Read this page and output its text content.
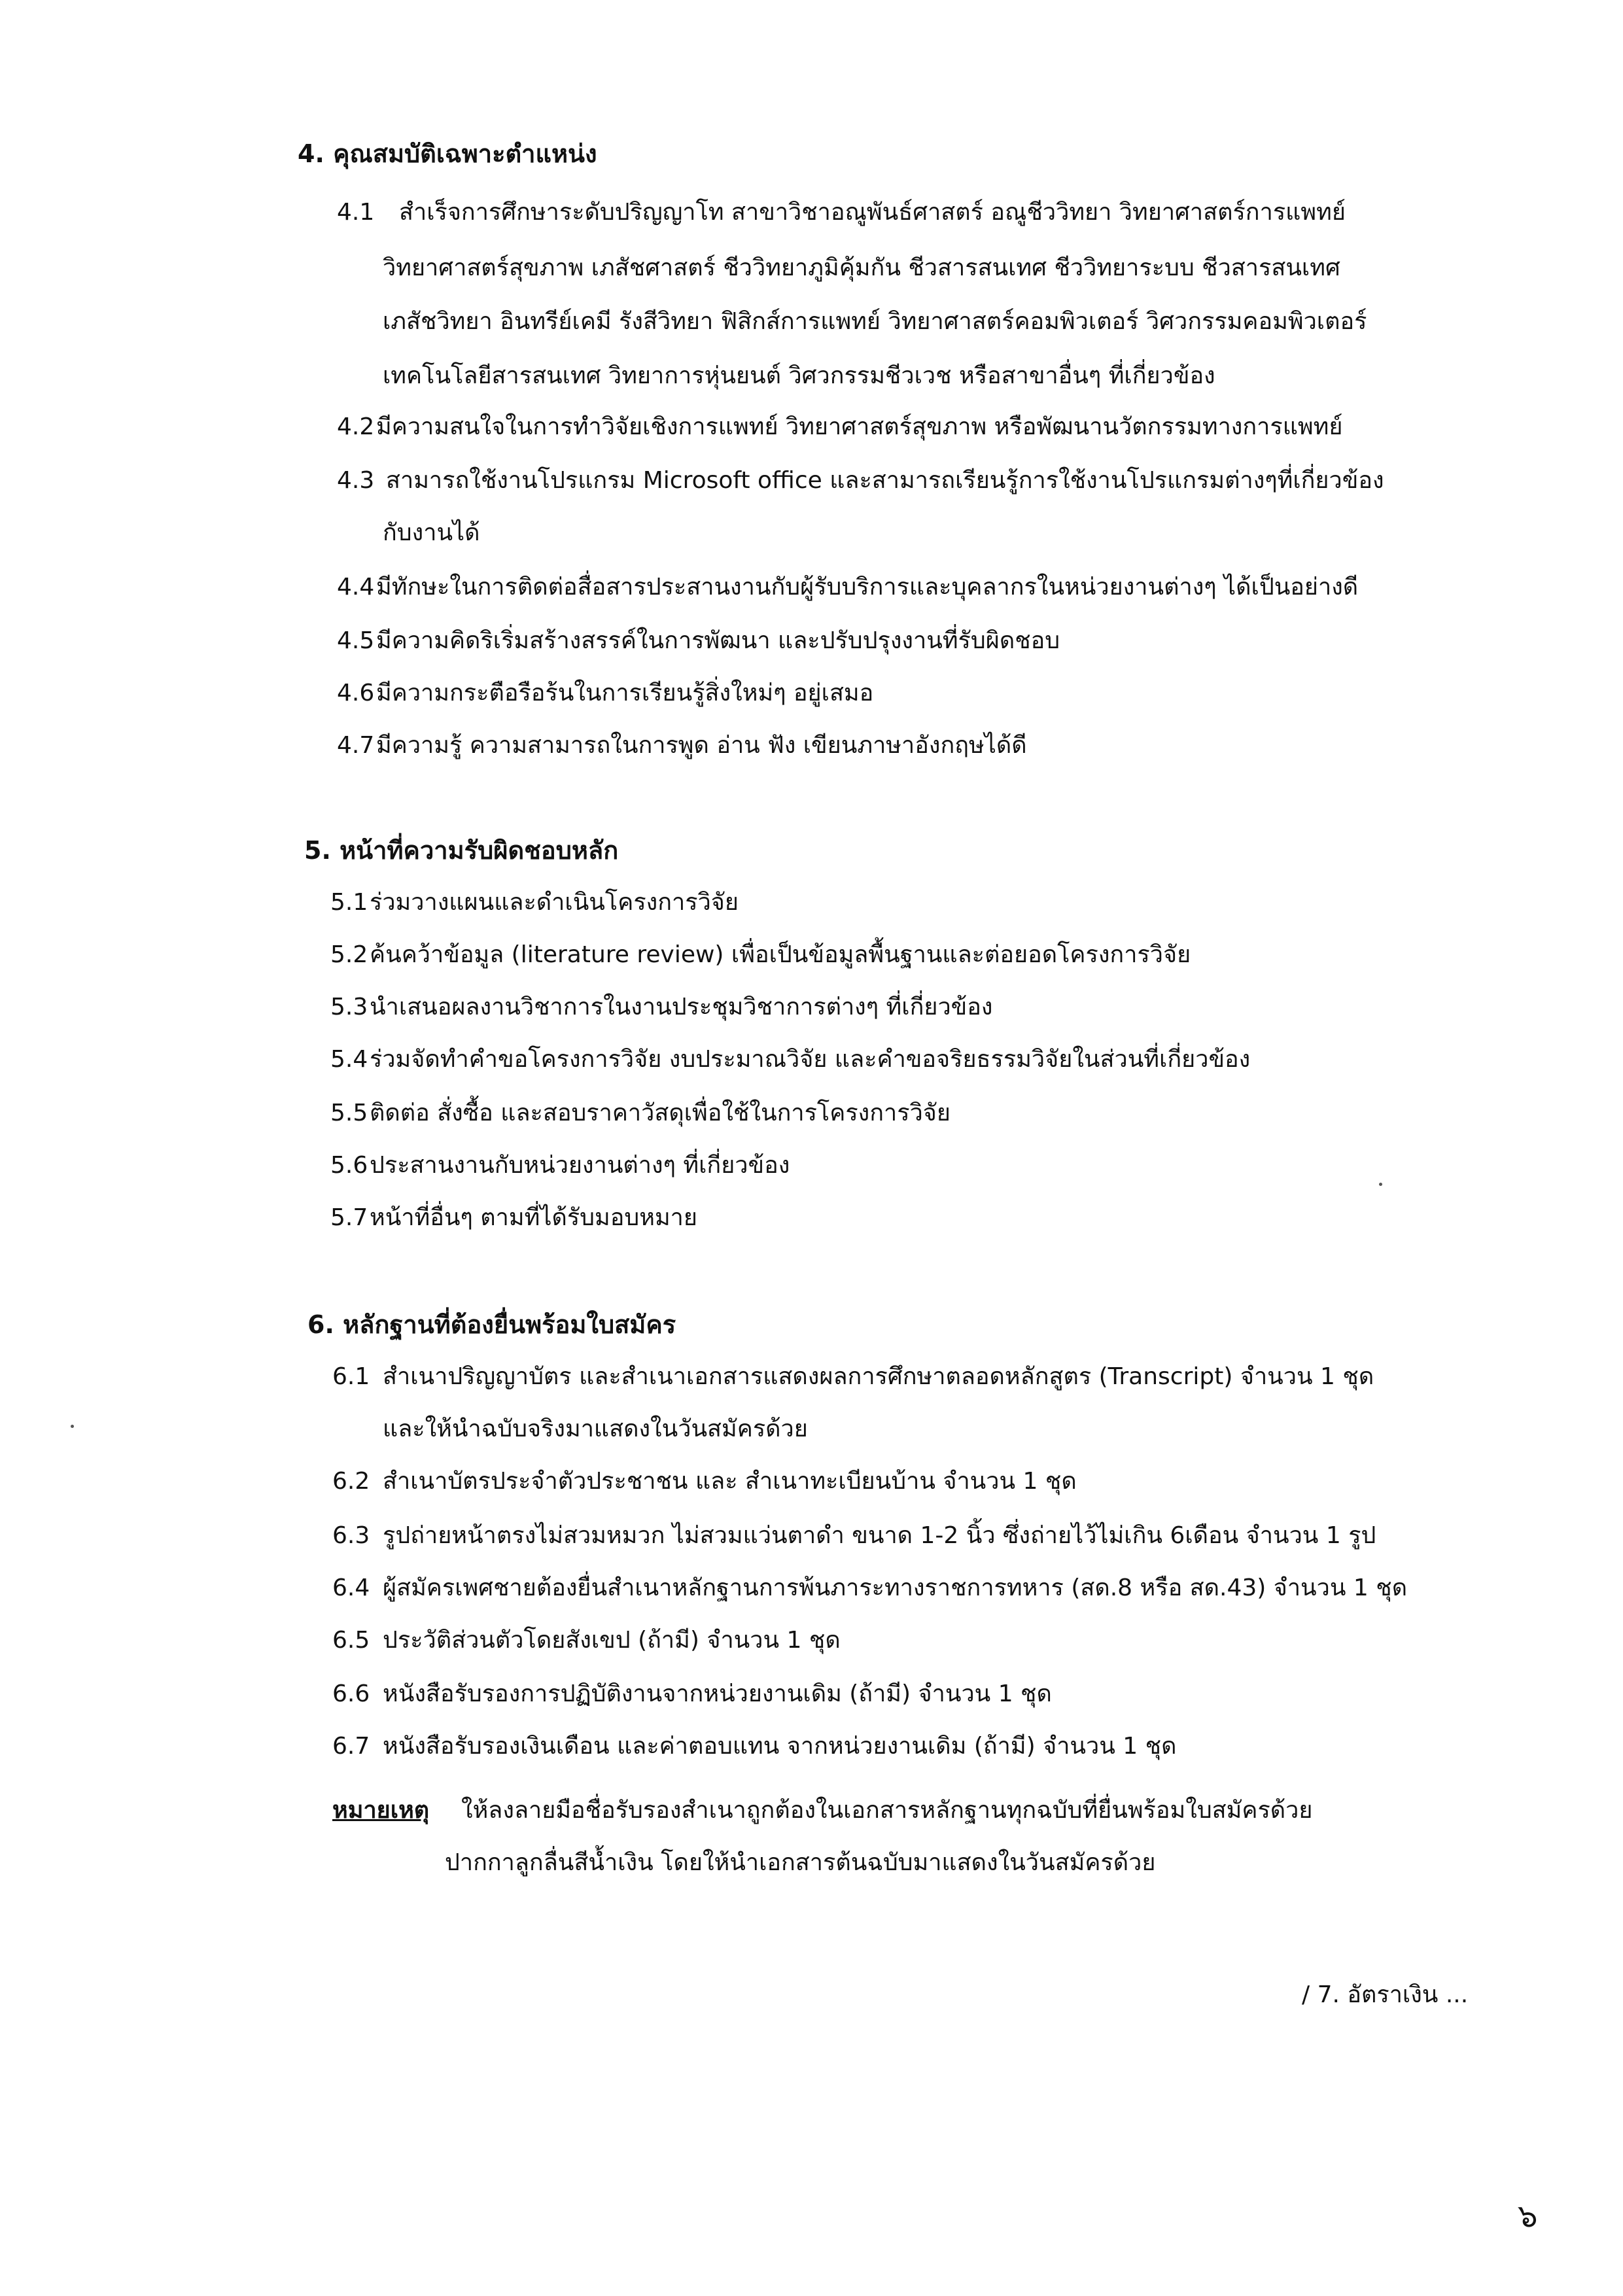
4. คุณสมบัติเฉพาะตำแหน่ง
4.1 สำเร็จการศึกษาระดับปริญญาโท สาขาวิชาอณูพันธ์ศาสตร์ อณูชีววิทยา วิทยาศาสตร์การแพทย์
วิทยาศาสตร์สุขภาพ เภสัชศาสตร์ ชีววิทยาภูมิคุ้มกัน ชีวสารสนเทศ ชีววิทยาระบบ ชีวสารสนเทศ
เภสัชวิทยา อินทรีย์เคมี รังสีวิทยา ฟิสิกส์การแพทย์ วิทยาศาสตร์คอมพิวเตอร์ วิศวกรรมคอมพิวเตอร์
เทคโนโลยีสารสนเทศ วิทยาการหุ่นยนต์ วิศวกรรมชีวเวช หรือสาขาอื่นๆ ที่เกี่ยวข้อง
4.2 มีความสนใจในการทำวิจัยเชิงการแพทย์ วิทยาศาสตร์สุขภาพ หรือพัฒนานวัตกรรมทางการแพทย์
4.3 สามารถใช้งานโปรแกรม Microsoft office และสามารถเรียนรู้การใช้งานโปรแกรมต่างๆที่เกี่ยวข้อง
กับงานได้
4.4 มีทักษะในการติดต่อสื่อสารประสานงานกับผู้รับบริการและบุคลากรในหน่วยงานต่างๆ ได้เป็นอย่างดี
4.5 มีความคิดริเริ่มสร้างสรรค์ในการพัฒนา และปรับปรุงงานที่รับผิดชอบ
4.6 มีความกระตือรือร้นในการเรียนรู้สิ่งใหม่ๆ อยู่เสมอ
4.7 มีความรู้ ความสามารถในการพูด อ่าน ฟัง เขียนภาษาอังกฤษได้ดี
5. หน้าที่ความรับผิดชอบหลัก
5.1 ร่วมวางแผนและดำเนินโครงการวิจัย
5.2 ค้นคว้าข้อมูล (literature review) เพื่อเป็นข้อมูลพื้นฐานและต่อยอดโครงการวิจัย
5.3 นำเสนอผลงานวิชาการในงานประชุมวิชาการต่างๆ ที่เกี่ยวข้อง
5.4 ร่วมจัดทำคำขอโครงการวิจัย งบประมาณวิจัย และคำขอจริยธรรมวิจัยในส่วนที่เกี่ยวข้อง
5.5 ติดต่อ สั่งซื้อ และสอบราคาวัสดุเพื่อใช้ในการโครงการวิจัย
5.6 ประสานงานกับหน่วยงานต่างๆ ที่เกี่ยวข้อง
5.7 หน้าที่อื่นๆ ตามที่ได้รับมอบหมาย
6. หลักฐานที่ต้องยื่นพร้อมใบสมัคร
6.1 สำเนาปริญญาบัตร และสำเนาเอกสารแสดงผลการศึกษาตลอดหลักสูตร (Transcript) จำนวน 1 ชุด
และให้นำฉบับจริงมาแสดงในวันสมัครด้วย
6.2 สำเนาบัตรประจำตัวประชาชน และ สำเนาทะเบียนบ้าน จำนวน 1 ชุด
6.3 รูปถ่ายหน้าตรงไม่สวมหมวก ไม่สวมแว่นตาดำ ขนาด 1-2 นิ้ว ซึ่งถ่ายไว้ไม่เกิน 6เดือน จำนวน 1 รูป
6.4 ผู้สมัครเพศชายต้องยื่นสำเนาหลักฐานการพ้นภาระทางราชการทหาร (สด.8 หรือ สด.43) จำนวน 1 ชุด
6.5 ประวัติส่วนตัวโดยสังเขป (ถ้ามี) จำนวน 1 ชุด
6.6 หนังสือรับรองการปฏิบัติงานจากหน่วยงานเดิม (ถ้ามี) จำนวน 1 ชุด
6.7 หนังสือรับรองเงินเดือน และค่าตอบแทน จากหน่วยงานเดิม (ถ้ามี) จำนวน 1 ชุด
หมายเหตุ ให้ลงลายมือชื่อรับรองสำเนาถูกต้องในเอกสารหลักฐานทุกฉบับที่ยื่นพร้อมใบสมัครด้วย
ปากกาลูกลื่นสีน้ำเงิน โดยให้นำเอกสารต้นฉบับมาแสดงในวันสมัครด้วย
/ 7. อัตราเงิน ...
๖
